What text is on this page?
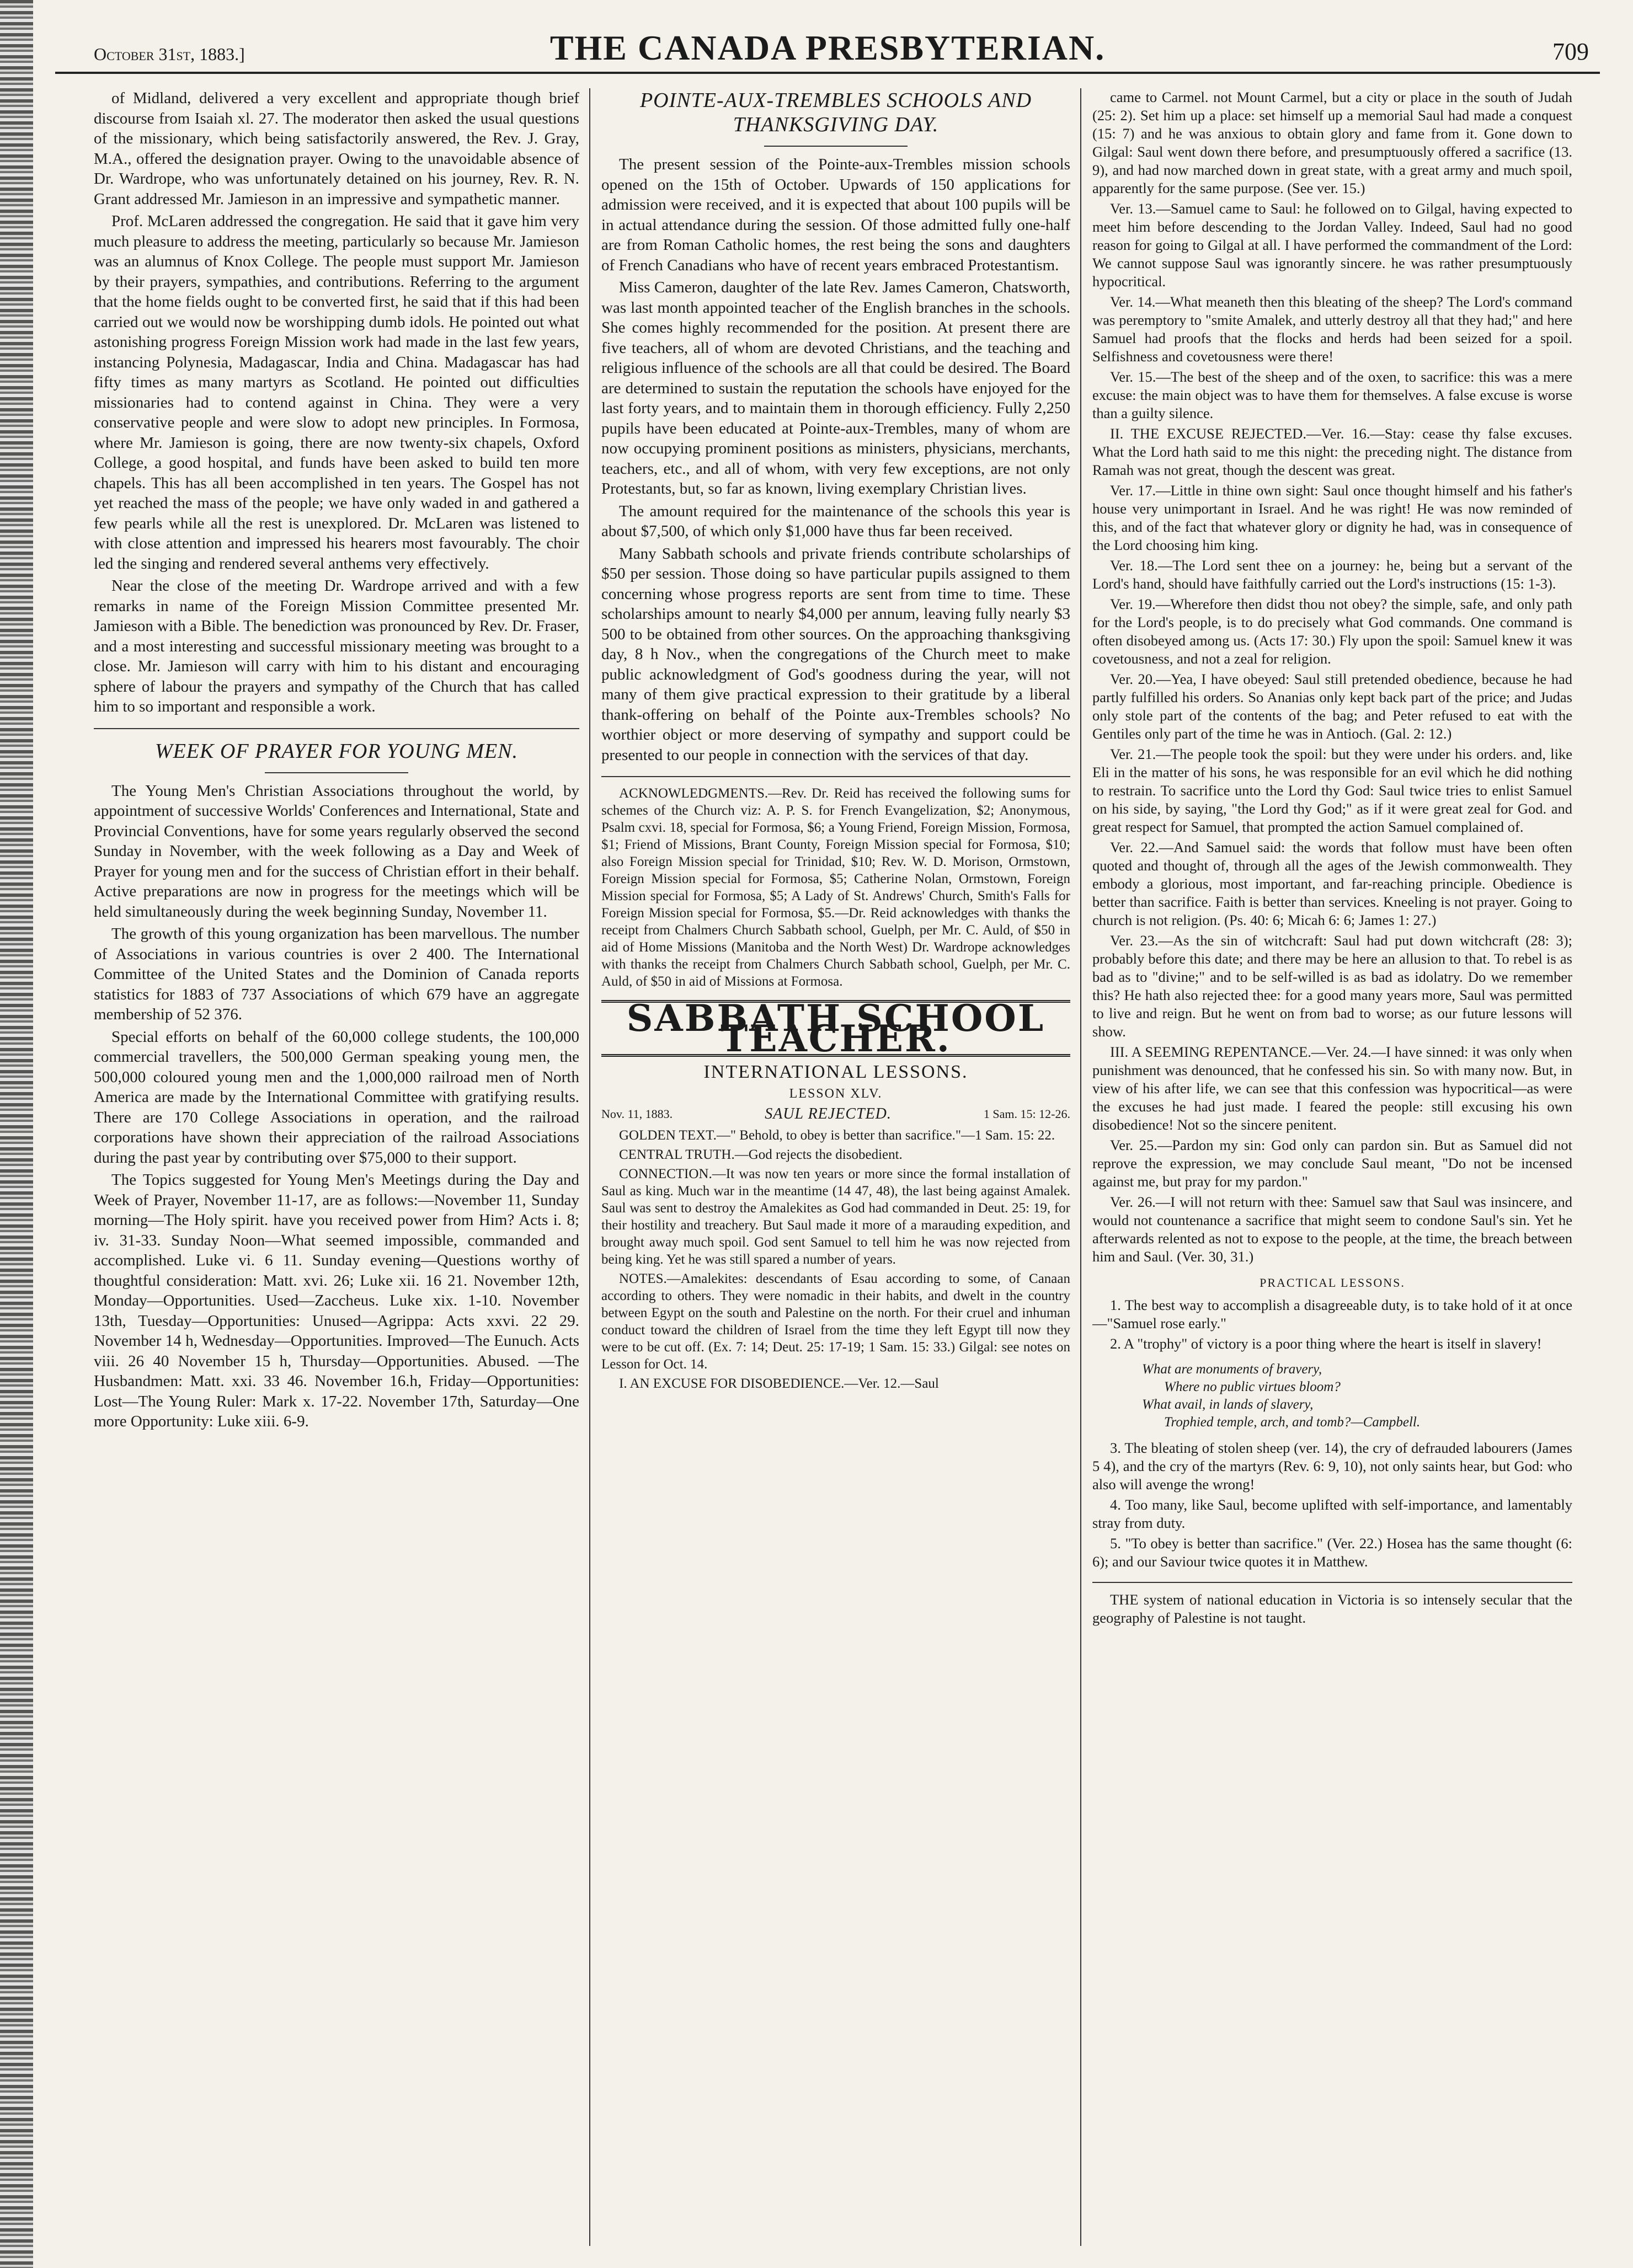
October 31st, 1883.]	THE CANADA PRESBYTERIAN.	709

of Midland, delivered a very excellent and appropriate though brief discourse from Isaiah xl. 27. The moderator then asked the usual questions of the missionary, which being satisfactorily answered, the Rev. J. Gray, M.A., offered the designation prayer. Owing to the unavoidable absence of Dr. Wardrope, who was unfortunately detained on his journey, Rev. R. N. Grant addressed Mr. Jamieson in an impressive and sympathetic manner.

Prof. McLaren addressed the congregation. He said that it gave him very much pleasure to address the meeting, particularly so because Mr. Jamieson was an alumnus of Knox College. The people must support Mr. Jamieson by their prayers, sympathies, and contributions. Referring to the argument that the home fields ought to be converted first, he said that if this had been carried out we would now be worshipping dumb idols. He pointed out what astonishing progress Foreign Mission work had made in the last few years, instancing Polynesia, Madagascar, India and China. Madagascar has had fifty times as many martyrs as Scotland. He pointed out difficulties missionaries had to contend against in China. They were a very conservative people and were slow to adopt new principles. In Formosa, where Mr. Jamieson is going, there are now twenty-six chapels, Oxford College, a good hospital, and funds have been asked to build ten more chapels. This has all been accomplished in ten years. The Gospel has not yet reached the mass of the people; we have only waded in and gathered a few pearls while all the rest is unexplored. Dr. McLaren was listened to with close attention and impressed his hearers most favourably. The choir led the singing and rendered several anthems very effectively.

Near the close of the meeting Dr. Wardrope arrived and with a few remarks in name of the Foreign Mission Committee presented Mr. Jamieson with a Bible. The benediction was pronounced by Rev. Dr. Fraser, and a most interesting and successful missionary meeting was brought to a close. Mr. Jamieson will carry with him to his distant and encouraging sphere of labour the prayers and sympathy of the Church that has called him to so important and responsible a work.

WEEK OF PRAYER FOR YOUNG MEN.

The Young Men's Christian Associations throughout the world, by appointment of successive Worlds' Conferences and International, State and Provincial Conventions, have for some years regularly observed the second Sunday in November, with the week following as a Day and Week of Prayer for young men and for the success of Christian effort in their behalf. Active preparations are now in progress for the meetings which will be held simultaneously during the week beginning Sunday, November 11.

The growth of this young organization has been marvellous. The number of Associations in various countries is over 2 400. The International Committee of the United States and the Dominion of Canada reports statistics for 1883 of 737 Associations of which 679 have an aggregate membership of 52 376.

Special efforts on behalf of the 60,000 college students, the 100,000 commercial travellers, the 500,000 German speaking young men, the 500,000 coloured young men and the 1,000,000 railroad men of North America are made by the International Committee with gratifying results. There are 170 College Associations in operation, and the railroad corporations have shown their appreciation of the railroad Associations during the past year by contributing over $75,000 to their support.

The Topics suggested for Young Men's Meetings during the Day and Week of Prayer, November 11-17, are as follows:—November 11, Sunday morning—The Holy spirit. have you received power from Him? Acts i. 8; iv. 31-33. Sunday Noon—What seemed impossible, commanded and accomplished. Luke vi. 6 11. Sunday evening—Questions worthy of thoughtful consideration: Matt. xvi. 26; Luke xii. 16 21. November 12th, Monday—Opportunities. Used—Zaccheus. Luke xix. 1-10. November 13th, Tuesday—Opportunities: Unused—Agrippa: Acts xxvi. 22 29. November 14 h, Wednesday—Opportunities. Improved—The Eunuch. Acts viii. 26 40 November 15 h, Thursday—Opportunities. Abused. —The Husbandmen: Matt. xxi. 33 46. November 16.h, Friday—Opportunities: Lost—The Young Ruler: Mark x. 17-22. November 17th, Saturday—One more Opportunity: Luke xiii. 6-9.

POINTE-AUX-TREMBLES SCHOOLS AND THANKSGIVING DAY.

The present session of the Pointe-aux-Trembles mission schools opened on the 15th of October. Upwards of 150 applications for admission were received, and it is expected that about 100 pupils will be in actual attendance during the session. Of those admitted fully one-half are from Roman Catholic homes, the rest being the sons and daughters of French Canadians who have of recent years embraced Protestantism.

Miss Cameron, daughter of the late Rev. James Cameron, Chatsworth, was last month appointed teacher of the English branches in the schools. She comes highly recommended for the position. At present there are five teachers, all of whom are devoted Christians, and the teaching and religious influence of the schools are all that could be desired. The Board are determined to sustain the reputation the schools have enjoyed for the last forty years, and to maintain them in thorough efficiency. Fully 2,250 pupils have been educated at Pointe-aux-Trembles, many of whom are now occupying prominent positions as ministers, physicians, merchants, teachers, etc., and all of whom, with very few exceptions, are not only Protestants, but, so far as known, living exemplary Christian lives.

The amount required for the maintenance of the schools this year is about $7,500, of which only $1,000 have thus far been received.

Many Sabbath schools and private friends contribute scholarships of $50 per session. Those doing so have particular pupils assigned to them concerning whose progress reports are sent from time to time. These scholarships amount to nearly $4,000 per annum, leaving fully nearly $3 500 to be obtained from other sources. On the approaching thanksgiving day, 8 h Nov., when the congregations of the Church meet to make public acknowledgment of God's goodness during the year, will not many of them give practical expression to their gratitude by a liberal thank-offering on behalf of the Pointe aux-Trembles schools? No worthier object or more deserving of sympathy and support could be presented to our people in connection with the services of that day.

ACKNOWLEDGMENTS.—Rev. Dr. Reid has received the following sums for schemes of the Church viz: A. P. S. for French Evangelization, $2; Anonymous, Psalm cxvi. 18, special for Formosa, $6; a Young Friend, Foreign Mission, Formosa, $1; Friend of Missions, Brant County, Foreign Mission special for Formosa, $10; also Foreign Mission special for Trinidad, $10; Rev. W. D. Morison, Ormstown, Foreign Mission special for Formosa, $5; Catherine Nolan, Ormstown, Foreign Mission special for Formosa, $5; A Lady of St. Andrews' Church, Smith's Falls for Foreign Mission special for Formosa, $5.—Dr. Reid acknowledges with thanks the receipt from Chalmers Church Sabbath school, Guelph, per Mr. C. Auld, of $50 in aid of Home Missions (Manitoba and the North West) Dr. Wardrope acknowledges with thanks the receipt from Chalmers Church Sabbath school, Guelph, per Mr. C. Auld, of $50 in aid of Missions at Formosa.

SABBATH SCHOOL TEACHER.
INTERNATIONAL LESSONS.
LESSON XLV.
Nov. 11, 1883.	SAUL REJECTED.	1 Sam. 15: 12-26.

GOLDEN TEXT.—" Behold, to obey is better than sacrifice."—1 Sam. 15: 22.

CENTRAL TRUTH.—God rejects the disobedient.

CONNECTION.—It was now ten years or more since the formal installation of Saul as king. Much war in the meantime (14 47, 48), the last being against Amalek. Saul was sent to destroy the Amalekites as God had commanded in Deut. 25: 19, for their hostility and treachery. But Saul made it more of a marauding expedition, and brought away much spoil. God sent Samuel to tell him he was now rejected from being king. Yet he was still spared a number of years.

NOTES.—Amalekites: descendants of Esau according to some, of Canaan according to others. They were nomadic in their habits, and dwelt in the country between Egypt on the south and Palestine on the north. For their cruel and inhuman conduct toward the children of Israel from the time they left Egypt till now they were to be cut off. (Ex. 7: 14; Deut. 25: 17-19; 1 Sam. 15: 33.) Gilgal: see notes on Lesson for Oct. 14.

I. AN EXCUSE FOR DISOBEDIENCE.—Ver. 12.—Saul

came to Carmel. not Mount Carmel, but a city or place in the south of Judah (25: 2). Set him up a place: set himself up a memorial Saul had made a conquest (15: 7) and he was anxious to obtain glory and fame from it. Gone down to Gilgal: Saul went down there before, and presumptuously offered a sacrifice (13. 9), and had now marched down in great state, with a great army and much spoil, apparently for the same purpose. (See ver. 15.)

Ver. 13.—Samuel came to Saul: he followed on to Gilgal, having expected to meet him before descending to the Jordan Valley. Indeed, Saul had no good reason for going to Gilgal at all. I have performed the commandment of the Lord: We cannot suppose Saul was ignorantly sincere. he was rather presumptuously hypocritical.

Ver. 14.—What meaneth then this bleating of the sheep? The Lord's command was peremptory to "smite Amalek, and utterly destroy all that they had;" and here Samuel had proofs that the flocks and herds had been seized for a spoil. Selfishness and covetousness were there!

Ver. 15.—The best of the sheep and of the oxen, to sacrifice: this was a mere excuse: the main object was to have them for themselves. A false excuse is worse than a guilty silence.

II. THE EXCUSE REJECTED.—Ver. 16.—Stay: cease thy false excuses. What the Lord hath said to me this night: the preceding night. The distance from Ramah was not great, though the descent was great.

Ver. 17.—Little in thine own sight: Saul once thought himself and his father's house very unimportant in Israel. And he was right! He was now reminded of this, and of the fact that whatever glory or dignity he had, was in consequence of the Lord choosing him king.

Ver. 18.—The Lord sent thee on a journey: he, being but a servant of the Lord's hand, should have faithfully carried out the Lord's instructions (15: 1-3).

Ver. 19.—Wherefore then didst thou not obey? the simple, safe, and only path for the Lord's people, is to do precisely what God commands. One command is often disobeyed among us. (Acts 17: 30.) Fly upon the spoil: Samuel knew it was covetousness, and not a zeal for religion.

Ver. 20.—Yea, I have obeyed: Saul still pretended obedience, because he had partly fulfilled his orders. So Ananias only kept back part of the price; and Judas only stole part of the contents of the bag; and Peter refused to eat with the Gentiles only part of the time he was in Antioch. (Gal. 2: 12.)

Ver. 21.—The people took the spoil: but they were under his orders. and, like Eli in the matter of his sons, he was responsible for an evil which he did nothing to restrain. To sacrifice unto the Lord thy God: Saul twice tries to enlist Samuel on his side, by saying, "the Lord thy God;" as if it were great zeal for God. and great respect for Samuel, that prompted the action Samuel complained of.

Ver. 22.—And Samuel said: the words that follow must have been often quoted and thought of, through all the ages of the Jewish commonwealth. They embody a glorious, most important, and far-reaching principle. Obedience is better than sacrifice. Faith is better than services. Kneeling is not prayer. Going to church is not religion. (Ps. 40: 6; Micah 6: 6; James 1: 27.)

Ver. 23.—As the sin of witchcraft: Saul had put down witchcraft (28: 3); probably before this date; and there may be here an allusion to that. To rebel is as bad as to "divine;" and to be self-willed is as bad as idolatry. Do we remember this? He hath also rejected thee: for a good many years more, Saul was permitted to live and reign. But he went on from bad to worse; as our future lessons will show.

III. A SEEMING REPENTANCE.—Ver. 24.—I have sinned: it was only when punishment was denounced, that he confessed his sin. So with many now. But, in view of his after life, we can see that this confession was hypocritical—as were the excuses he had just made. I feared the people: still excusing his own disobedience! Not so the sincere penitent.

Ver. 25.—Pardon my sin: God only can pardon sin. But as Samuel did not reprove the expression, we may conclude Saul meant, "Do not be incensed against me, but pray for my pardon."

Ver. 26.—I will not return with thee: Samuel saw that Saul was insincere, and would not countenance a sacrifice that might seem to condone Saul's sin. Yet he afterwards relented as not to expose to the people, at the time, the breach between him and Saul. (Ver. 30, 31.)

PRACTICAL LESSONS.

1. The best way to accomplish a disagreeable duty, is to take hold of it at once—"Samuel rose early."

2. A "trophy" of victory is a poor thing where the heart is itself in slavery!

What are monuments of bravery,
Where no public virtues bloom?
What avail, in lands of slavery,
Trophied temple, arch, and tomb?—Campbell.

3. The bleating of stolen sheep (ver. 14), the cry of defrauded labourers (James 5 4), and the cry of the martyrs (Rev. 6: 9, 10), not only saints hear, but God: who also will avenge the wrong!

4. Too many, like Saul, become uplifted with self-importance, and lamentably stray from duty.

5. "To obey is better than sacrifice." (Ver. 22.) Hosea has the same thought (6: 6); and our Saviour twice quotes it in Matthew.

THE system of national education in Victoria is so intensely secular that the geography of Palestine is not taught.
